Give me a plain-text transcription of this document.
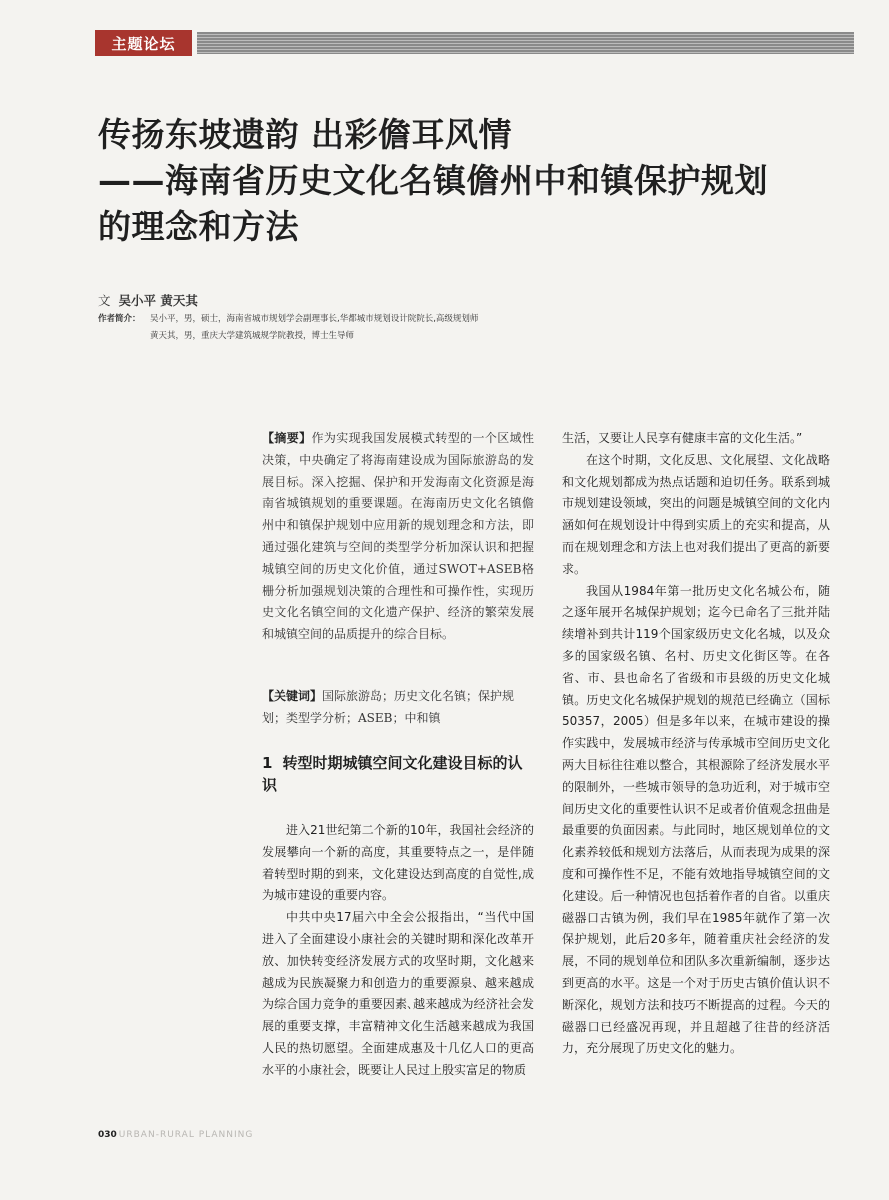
主题论坛
传扬东坡遗韵 出彩儋耳风情
——海南省历史文化名镇儋州中和镇保护规划
的理念和方法
文 吴小平 黄天其
作者简介： 吴小平，男，硕士，海南省城市规划学会副理事长,华都城市规划设计院院长,高级规划师
黄天其，男，重庆大学建筑城规学院教授，博士生导师
【摘要】作为实现我国发展模式转型的一个区域性决策，中央确定了将海南建设成为国际旅游岛的发展目标。深入挖掘、保护和开发海南文化资源是海南省城镇规划的重要课题。在海南历史文化名镇儋州中和镇保护规划中应用新的规划理念和方法，即通过强化建筑与空间的类型学分析加深认识和把握城镇空间的历史文化价值，通过SWOT+ASEB格栅分析加强规划决策的合理性和可操作性，实现历史文化名镇空间的文化遗产保护、经济的繁荣发展和城镇空间的品质提升的综合目标。
【关键词】国际旅游岛；历史文化名镇；保护规划；类型学分析；ASEB；中和镇
1 转型时期城镇空间文化建设目标的认识

进入21世纪第二个新的10年，我国社会经济的发展攀向一个新的高度，其重要特点之一，是伴随着转型时期的到来，文化建设达到高度的自觉性,成为城市建设的重要内容。

中共中央17届六中全会公报指出，“当代中国进入了全面建设小康社会的关键时期和深化改革开放、加快转变经济发展方式的攻坚时期，文化越来越成为民族凝聚力和创造力的重要源泉、越来越成为综合国力竞争的重要因素､越来越成为经济社会发展的重要支撑，丰富精神文化生活越来越成为我国人民的热切愿望。全面建成惠及十几亿人口的更高水平的小康社会，既要让人民过上殷实富足的物质

生活，又要让人民享有健康丰富的文化生活。”

在这个时期，文化反思、文化展望、文化战略和文化规划都成为热点话题和迫切任务。联系到城市规划建设领域，突出的问题是城镇空间的文化内涵如何在规划设计中得到实质上的充实和提高，从而在规划理念和方法上也对我们提出了更高的新要求。

我国从1984年第一批历史文化名城公布，随之逐年展开名城保护规划；迄今已命名了三批并陆续增补到共计119个国家级历史文化名城，以及众多的国家级名镇、名村、历史文化街区等。在各省、市、县也命名了省级和市县级的历史文化城镇。历史文化名城保护规划的规范已经确立（国标50357，2005）但是多年以来，在城市建设的操作实践中，发展城市经济与传承城市空间历史文化两大目标往往难以整合，其根源除了经济发展水平的限制外，一些城市领导的急功近利，对于城市空间历史文化的重要性认识不足或者价值观念扭曲是最重要的负面因素。与此同时，地区规划单位的文化素养较低和规划方法落后，从而表现为成果的深度和可操作性不足，不能有效地指导城镇空间的文化建设。后一种情况也包括着作者的自省。以重庆磁器口古镇为例，我们早在1985年就作了第一次保护规划，此后20多年，随着重庆社会经济的发展，不同的规划单位和团队多次重新编制，逐步达到更高的水平。这是一个对于历史古镇价值认识不断深化，规划方法和技巧不断提高的过程。今天的磁器口已经盛况再现，并且超越了往昔的经济活力，充分展现了历史文化的魅力。

030 URBAN-RURAL PLANNING
